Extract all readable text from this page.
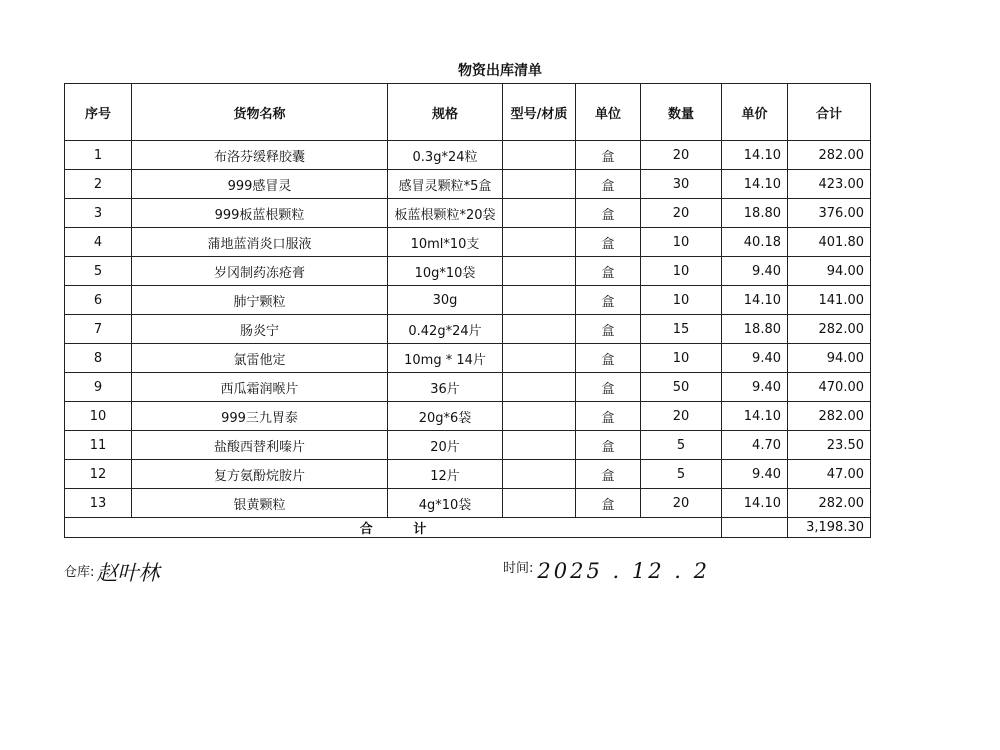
物资出库清单
序号	货物名称	规格	型号/材质	单位	数量	单价	合计
1	布洛芬缓释胶囊	0.3g*24粒		盒	20	14.10	282.00
2	999感冒灵	感冒灵颗粒*5盒		盒	30	14.10	423.00
3	999板蓝根颗粒	板蓝根颗粒*20袋		盒	20	18.80	376.00
4	蒲地蓝消炎口服液	10ml*10支		盒	10	40.18	401.80
5	岁冈制药冻疮膏	10g*10袋		盒	10	9.40	94.00
6	肺宁颗粒	30g		盒	10	14.10	141.00
7	肠炎宁	0.42g*24片		盒	15	18.80	282.00
8	氯雷他定	10mg * 14片		盒	10	9.40	94.00
9	西瓜霜润喉片	36片		盒	50	9.40	470.00
10	999三九胃泰	20g*6袋		盒	20	14.10	282.00
11	盐酸西替利嗪片	20片		盒	5	4.70	23.50
12	复方氨酚烷胺片	12片		盒	5	9.40	47.00
13	银黄颗粒	4g*10袋		盒	20	14.10	282.00
合 计							3,198.30
仓库:赵叶林	时间: 2025 . 12 . 2
